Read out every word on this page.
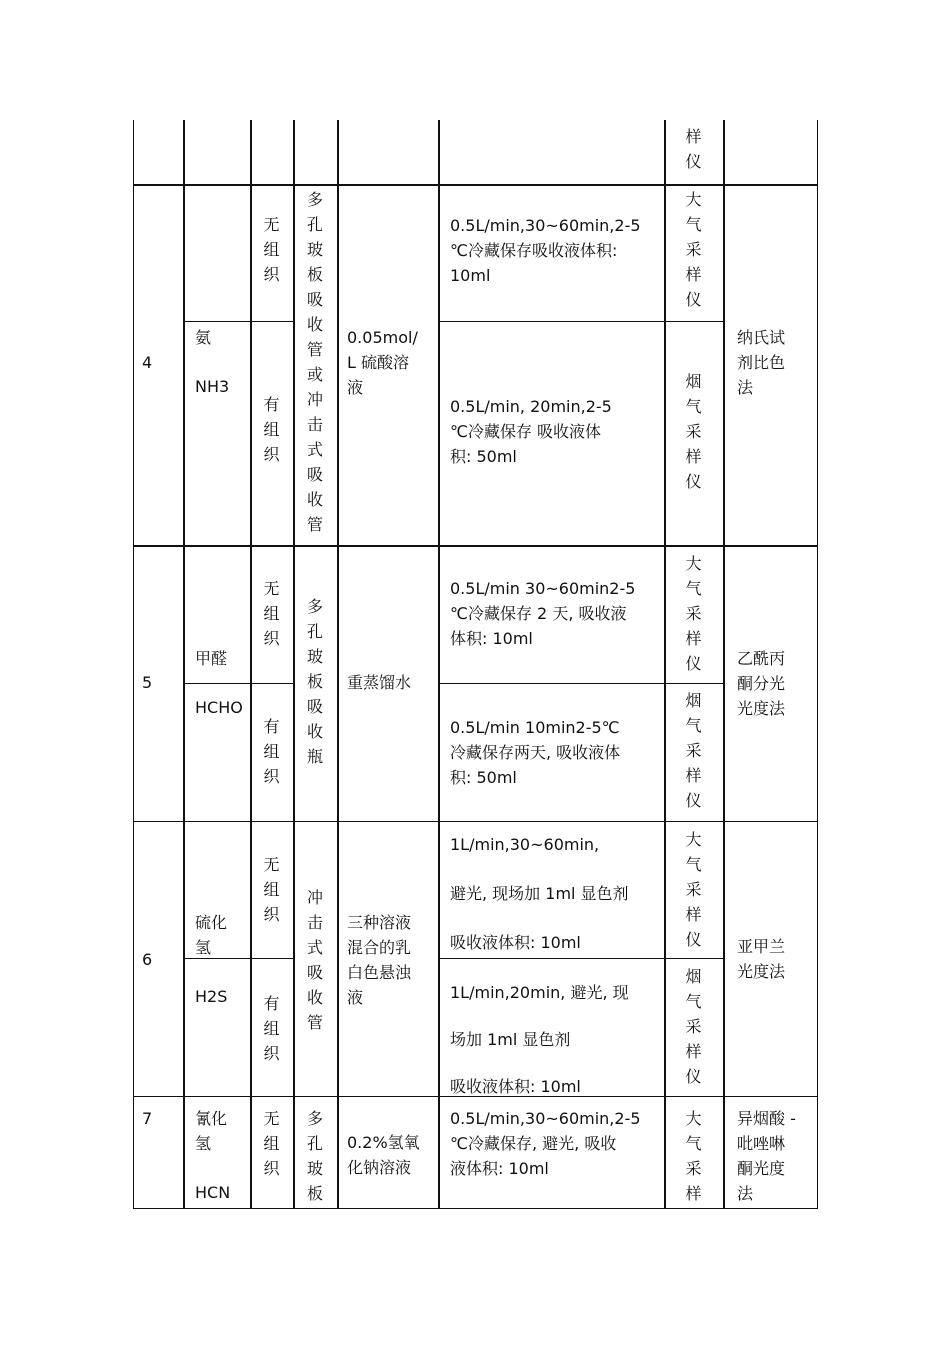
样
仪
4
氨
NH3
多
孔
玻
板
吸
收
管
或
冲
击
式
吸
收
管
0.05mol/
L 硫酸溶
液
纳氏试
剂比色
法
无
组
织
0.5L/min,30~60min,2-5
℃冷藏保存吸收液体积:
10ml
大
气
采
样
仪
有
组
织
0.5L/min, 20min,2-5
℃冷藏保存 吸收液体
积: 50ml
烟
气
采
样
仪
5
甲醛
HCHO
多
孔
玻
板
吸
收
瓶
重蒸馏水
乙酰丙
酮分光
光度法
无
组
织
0.5L/min 30~60min2-5
℃冷藏保存 2 天, 吸收液
体积: 10ml
大
气
采
样
仪
有
组
织
0.5L/min 10min2-5℃
冷藏保存两天, 吸收液体
积: 50ml
烟
气
采
样
仪
6
硫化
氢
H2S
冲
击
式
吸
收
管
三种溶液
混合的乳
白色悬浊
液
亚甲兰
光度法
无
组
织
1L/min,30~60min,
避光, 现场加 1ml 显色剂
吸收液体积: 10ml
大
气
采
样
仪
有
组
织
1L/min,20min, 避光, 现
场加 1ml 显色剂
吸收液体积: 10ml
烟
气
采
样
仪
7	氰化
氢
HCN
多
孔
玻
板
0.2%氢氧
化钠溶液
异烟酸 -
吡唑啉
酮光度
法
无
组
织
0.5L/min,30~60min,2-5
℃冷藏保存, 避光, 吸收
液体积: 10ml
大
气
采
样
